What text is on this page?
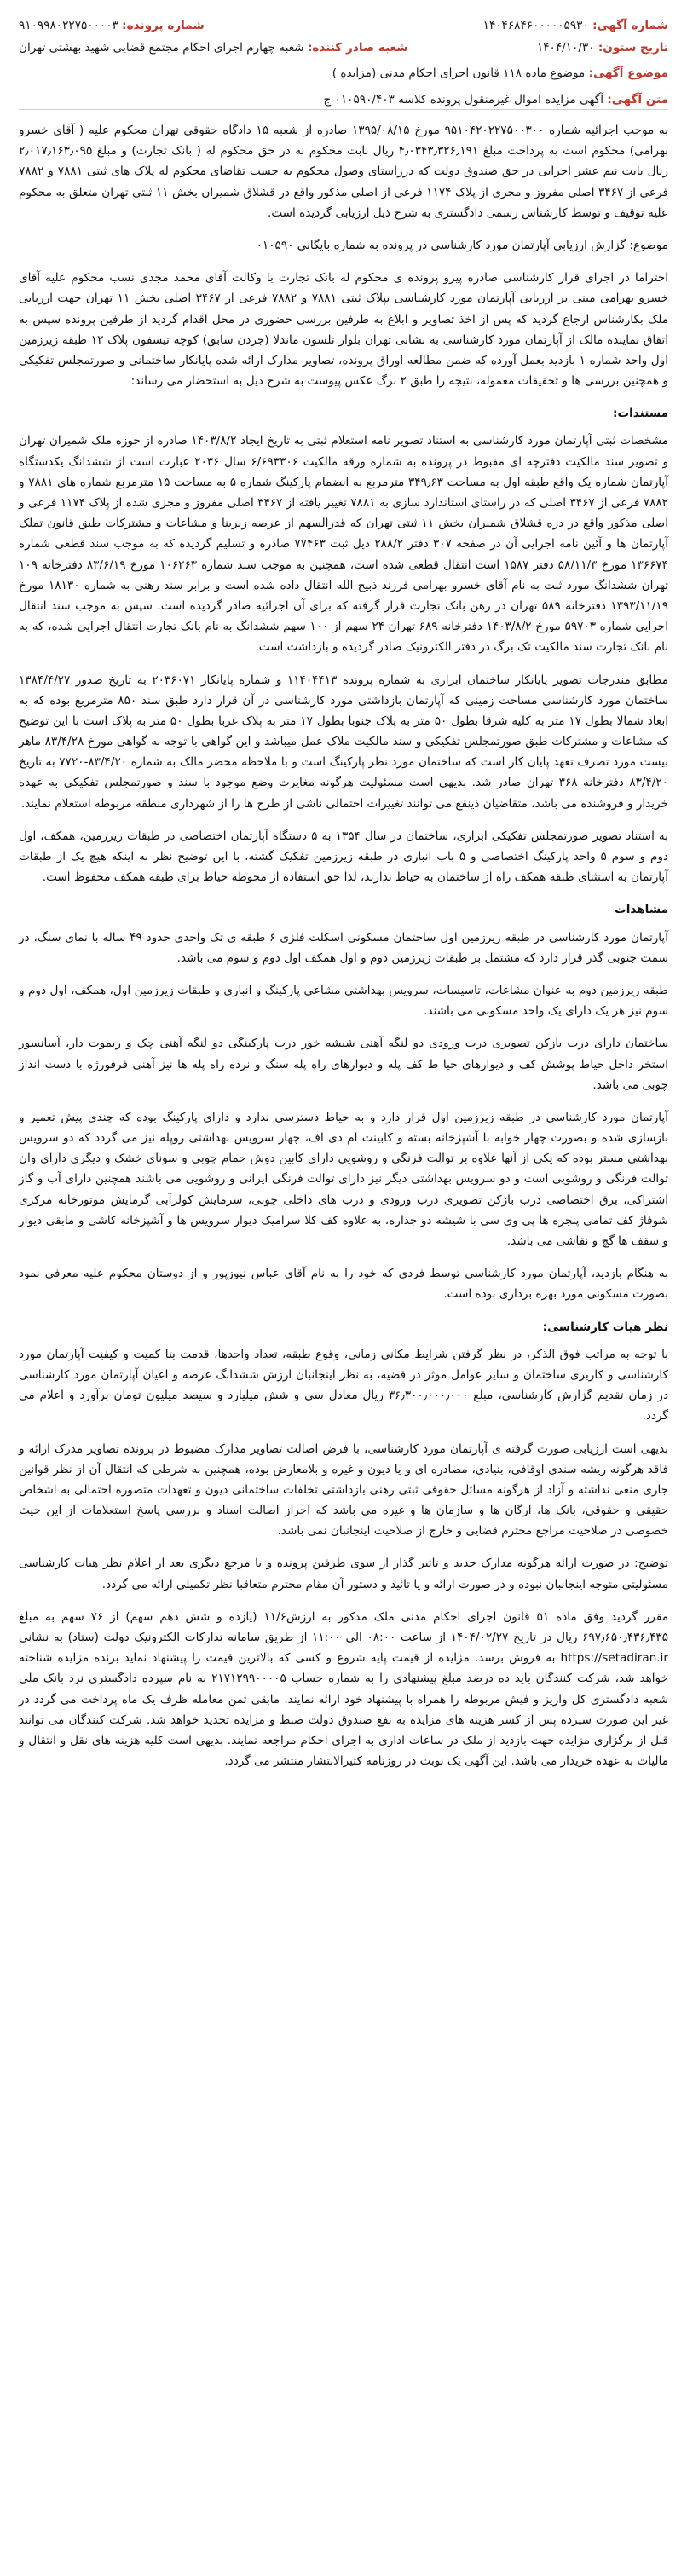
شماره آگهی: ۱۴۰۴۶۸۴۶۰۰۰۰۰۵۹۳۰
شماره پرونده: ۹۱۰۹۹۸۰۲۲۷۵۰۰۰۰۳
تاریخ ستون: ۱۴۰۴/۱۰/۳۰
شعبه صادر کننده: شعبه چهارم اجرای احکام مجتمع قضایی شهید بهشتی تهران
موضوع آگهی: موضوع ماده ۱۱۸ قانون اجرای احکام مدنی (مزایده )
متن آگهی: آگهی مزایده اموال غیرمنقول پرونده کلاسه ۰۱۰۵۹۰/۴۰۳ ج

به موجب اجرائیه شماره ۹۵۱۰۴۲۰۲۲۷۵۰۰۳۰۰ مورخ ۱۳۹۵/۰۸/۱۵ صادره از شعبه ۱۵ دادگاه حقوقی تهران محکوم علیه ( آقای خسرو بهرامی) محکوم است به پرداخت مبلغ ۴٫۰۳۴۳٫۳۲۶٫۱۹۱ ریال بابت محکوم به در حق محکوم له ( بانک تجارت) و مبلغ ۲٫۰۱۷٫۱۶۳٫۰۹۵ ریال بابت نیم عشر اجرایی در حق صندوق دولت که درراستای وصول محکوم به حسب تقاضای محکوم له پلاک های ثبتی ۷۸۸۱ و ۷۸۸۲ فرعی از ۳۴۶۷ اصلی مفروز و مجزی از پلاک ۱۱۷۴ فرعی از اصلی مذکور واقع در قشلاق شمیران بخش ۱۱ ثبتی تهران متعلق به محکوم علیه توقیف و توسط کارشناس رسمی دادگستری به شرح ذیل ارزیابی گردیده است.

موضوع: گزارش ارزیابی آپارتمان مورد کارشناسی در پرونده به شماره بایگانی ۰۱۰۵۹۰

احتراما در اجرای قرار کارشناسی صادره پیرو پرونده ی محکوم له بانک تجارت با وکالت آقای محمد مجدی نسب محکوم علیه آقای خسرو بهرامی مبنی بر ارزیابی آپارتمان مورد کارشناسی بپلاک ثبتی ۷۸۸۱ و ۷۸۸۲ فرعی از ۳۴۶۷ اصلی بخش ۱۱ تهران جهت ارزیابی ملک بکارشناس ارجاع گردید که پس از اخذ تصاویر و ابلاغ به طرفین بررسی حضوری در محل اقدام گردید از طرفین پرونده سپس به اتفاق نماینده مالک از آپارتمان مورد کارشناسی به نشانی تهران بلوار تلسون ماندلا (جردن سابق) کوچه تیسفون پلاک ۱۲ طبقه زیرزمین اول واحد شماره ۱ بازدید بعمل آورده که ضمن مطالعه اوراق پرونده، تصاویر مدارک ارائه شده پایانکار ساختمانی و صورتمجلس تفکیکی و همچنین بررسی ها و تحقیقات معموله، نتیجه را طبق ۲ برگ عکس پیوست به شرح ذیل به استحضار می رساند:

مستندات:

مشخصات ثبتی آپارتمان مورد کارشناسی به استناد تصویر نامه استعلام ثبتی به تاریخ ایجاد ۱۴۰۳/۸/۲ صادره از حوزه ملک شمیران تهران و تصویر سند مالکیت دفترچه ای مفبوط در پرونده به شماره ورقه مالکیت ۶/۶۹۳۳۰۶ سال ۲۰۳۶ عبارت است از ششدانگ یکدستگاه آپارتمان شماره یک واقع طبقه اول به مساحت ۳۴۹٫۶۳ مترمربع به انضمام پارکینگ شماره ۵ به مساحت ۱۵ مترمربع شماره های ۷۸۸۱ و ۷۸۸۲ فرعی از ۳۴۶۷ اصلی که در راستای استاندارد سازی به ۷۸۸۱ تغییر یافته از ۳۴۶۷ اصلی مفروز و مجزی شده از پلاک ۱۱۷۴ فرعی و اصلی مذکور واقع در دره قشلاق شمیران بخش ۱۱ ثبتی تهران که قدرالسهم از عرصه زیربنا و مشاعات و مشترکات طبق قانون تملک آپارتمان ها و آئین نامه اجرایی آن در صفحه ۳۰۷ دفتر ۲۸۸/۲ ذیل ثبت ۷۷۴۶۳ صادره و تسلیم گردیده که به موجب سند قطعی شماره ۱۳۶۶۷۴ مورخ ۵۸/۱۱/۳ دفتر ۱۵۸۷ است انتقال قطعی شده است، همچنین به موجب سند شماره ۱۰۶۲۶۳ مورخ ۸۳/۶/۱۹ دفترخانه ۱۰۹ تهران ششدانگ مورد ثبت به نام آقای خسرو بهرامی فرزند ذبیح الله انتقال داده شده است و برابر سند رهنی به شماره ۱۸۱۳۰ مورخ ۱۳۹۳/۱۱/۱۹ دفترخانه ۵۸۹ تهران در رهن بانک تجارت قرار گرفته که برای آن اجرائیه صادر گردیده است. سپس به موجب سند انتقال اجرایی شماره ۵۹۷۰۳ مورخ ۱۴۰۳/۸/۲ دفترخانه ۶۸۹ تهران ۲۴ سهم از ۱۰۰ سهم ششدانگ به نام بانک تجارت انتقال اجرایی شده، که به نام بانک تجارت سند مالکیت تک برگ در دفتر الکترونیک صادر گردیده و بازداشت است.

مطابق مندرجات تصویر پایانکار ساختمان ابرازی به شماره پرونده ۱۱۴۰۴۴۱۳ و شماره پایانکار ۲۰۳۶۰۷۱ به تاریخ صدور ۱۳۸۴/۴/۲۷ ساختمان مورد کارشناسی مساحت زمینی که آپارتمان بازداشتی مورد کارشناسی در آن قرار دارد طبق سند ۸۵۰ مترمربع بوده که به ابعاد شمالا بطول ۱۷ متر به کلیه شرقا بطول ۵۰ متر به پلاک جنوبا بطول ۱۷ متر به پلاک غربا بطول ۵۰ متر به پلاک است با این توضیح که مشاعات و مشترکات طبق صورتمجلس تفکیکی و سند مالکیت ملاک عمل میباشد و این گواهی با توجه به گواهی مورخ ۸۳/۴/۲۸ ماهر بیست مورد تصرف تعهد پایان کار است که ساختمان مورد نظر پارکینگ است و با ملاحظه محضر مالک به شماره ۸۳/۴/۲۰-۷۷۲۰ به تاریخ ۸۳/۴/۲۰ دفترخانه ۳۶۸ تهران صادر شد. بدیهی است مسئولیت هرگونه مغایرت وضع موجود با سند و صورتمجلس تفکیکی به عهده خریدار و فروشنده می باشد، متقاضیان ذینفع می توانند تغییرات احتمالی ناشی از طرح ها را از شهرداری منطقه مربوطه استعلام نمایند.

به استناد تصویر صورتمجلس تفکیکی ابرازی، ساختمان در سال ۱۳۵۴ به ۵ دستگاه آپارتمان اختصاصی در طبقات زیرزمین، همکف، اول دوم و سوم ۵ واحد پارکینگ اختصاصی و ۵ باب انباری در طبقه زیرزمین تفکیک گشته، با این توضیح نظر به اینکه هیچ یک از طبقات آپارتمان به استثنای طبقه همکف راه از ساختمان به حیاط ندارند، لذا حق استفاده از محوطه حیاط برای طبقه همکف محفوظ است.

مشاهدات

آپارتمان مورد کارشناسی در طبقه زیرزمین اول ساختمان مسکونی اسکلت فلزی ۶ طبقه ی تک واحدی حدود ۴۹ ساله با نمای سنگ، در سمت جنوبی گذر قرار دارد که مشتمل بر طبقات زیرزمین دوم و اول همکف اول دوم و سوم می باشد.

طبقه زیرزمین دوم به عنوان مشاعات، تاسیسات، سرویس بهداشتی مشاعی پارکینگ و انباری و طبقات زیرزمین اول، همکف، اول دوم و سوم نیز هر یک دارای یک واحد مسکونی می باشند.

ساختمان دارای درب بازکن تصویری درب ورودی دو لنگه آهنی شیشه خور درب پارکینگی دو لنگه آهنی چک و ریموت دار، آسانسور استخر داخل حیاط پوشش کف و دیوارهای حیا ط کف پله و دیوارهای راه پله سنگ و نرده راه پله ها نیز آهنی فرفورژه با دست انداز چوبی می باشد.

آپارتمان مورد کارشناسی در طبقه زیرزمین اول قرار دارد و به حیاط دسترسی ندارد و دارای پارکینگ بوده که چندی پیش تعمیر و بازسازی شده و بصورت چهار خوابه با آشپزخانه بسته و کابینت ام دی اف، چهار سرویس بهداشتی روپله نیز می گردد که دو سرویس بهداشتی مستر بوده که یکی از آنها علاوه بر توالت فرنگی و روشویی دارای کابین دوش حمام چوبی و سونای خشک و دیگری دارای وان توالت فرنگی و روشویی است و دو سرویس بهداشتی دیگر نیز دارای توالت فرنگی ایرانی و روشویی می باشند همچنین دارای آب و گاز اشتراکی، برق اختصاصی درب بازکن تصویری درب ورودی و درب های داخلی چوبی، سرمایش کولرآبی گرمایش موتورخانه مرکزی شوفاژ کف تمامی پنجره ها پی وی سی با شیشه دو جداره، به علاوه کف کلا سرامیک دیوار سرویس ها و آشپزخانه کاشی و مابقی دیوار و سقف ها گچ و نقاشی می باشد.

به هنگام بازدید، آپارتمان مورد کارشناسی توسط فردی که خود را به نام آقای عباس نیوزپور و از دوستان محکوم علیه معرفی نمود بصورت مسکونی مورد بهره برداری بوده است.

نظر هیات کارشناسی:

با توجه به مراتب فوق الذکر، در نظر گرفتن شرایط مکانی زمانی، وقوع طبقه، تعداد واحدها، قدمت بنا کمیت و کیفیت آپارتمان مورد کارشناسی و کاربری ساختمان و سایر عوامل موثر در قضیه، به نظر اینجانبان ارزش ششدانگ عرصه و اعیان آپارتمان مورد کارشناسی در زمان تقدیم گزارش کارشناسی، مبلغ ۳۶٫۳۰۰٫۰۰۰٫۰۰۰ ریال معادل سی و شش میلیارد و سیصد میلیون تومان برآورد و اعلام می گردد.

بدیهی است ارزیابی صورت گرفته ی آپارتمان مورد کارشناسی، با فرض اصالت تصاویر مدارک مضبوط در پرونده تصاویر مدرک ارائه و فاقد هرگونه ریشه سندی اوقافی، بنیادی، مصادره ای و یا دیون و غیره و بلامعارض بوده، همچنین به شرطی که انتقال آن از نظر قوانین جاری منعی نداشته و آزاد از هرگونه مسائل حقوقی ثبتی رهنی بازداشتی تخلفات ساختمانی دیون و تعهدات متصوره احتمالی به اشخاص حقیقی و حقوقی، بانک ها، ارگان ها و سازمان ها و غیره می باشد که احراز اصالت اسناد و بررسی پاسخ استعلامات از این حیث خصوصی در صلاحیت مراجع محترم قضایی و خارج از صلاحیت اینجانبان نمی باشد.

توضیح: در صورت ارائه هرگونه مدارک جدید و تاثیر گذار از سوی طرفین پرونده و یا مرجع دیگری بعد از اعلام نظر هیات کارشناسی مسئولیتی متوجه اینجانبان نبوده و در صورت ارائه و یا تائید و دستور آن مقام محترم متعاقبا نظر تکمیلی ارائه می گردد.

مقرر گردید وفق ماده ۵۱ قانون اجرای احکام مدنی ملک مذکور به ارزش۱۱/۶ (یازده و شش دهم سهم) از ۷۶ سهم به مبلغ ۶۹۷٫۶۵۰٫۴۳۶٫۴۳۵ ریال در تاریخ ۱۴۰۴/۰۲/۲۷ از ساعت ۰۸:۰۰ الی ۱۱:۰۰ از طریق سامانه تدارکات الکترونیک دولت (ستاد) به نشانی https://setadiran.ir به فروش برسد. مزایده از قیمت پایه شروع و کسی که بالاترین قیمت را پیشنهاد نماید برنده مزایده شناخته خواهد شد، شرکت کنندگان باید ده درصد مبلغ پیشنهادی را به شماره حساب ۲۱۷۱۲۹۹۰۰۰۰۵ به نام سپرده دادگستری نزد بانک ملی شعبه دادگستری کل واریز و فیش مربوطه را همراه با پیشنهاد خود ارائه نمایند. مابقی ثمن معامله ظرف یک ماه پرداخت می گردد در غیر این صورت سپرده پس از کسر هزینه های مزایده به نفع صندوق دولت ضبط و مزایده تجدید خواهد شد. شرکت کنندگان می توانند قبل از برگزاری مزایده جهت بازدید از ملک در ساعات اداری به اجرای احکام مراجعه نمایند. بدیهی است کلیه هزینه های نقل و انتقال و مالیات به عهده خریدار می باشد. این آگهی یک نوبت در روزنامه کثیرالانتشار منتشر می گردد.
